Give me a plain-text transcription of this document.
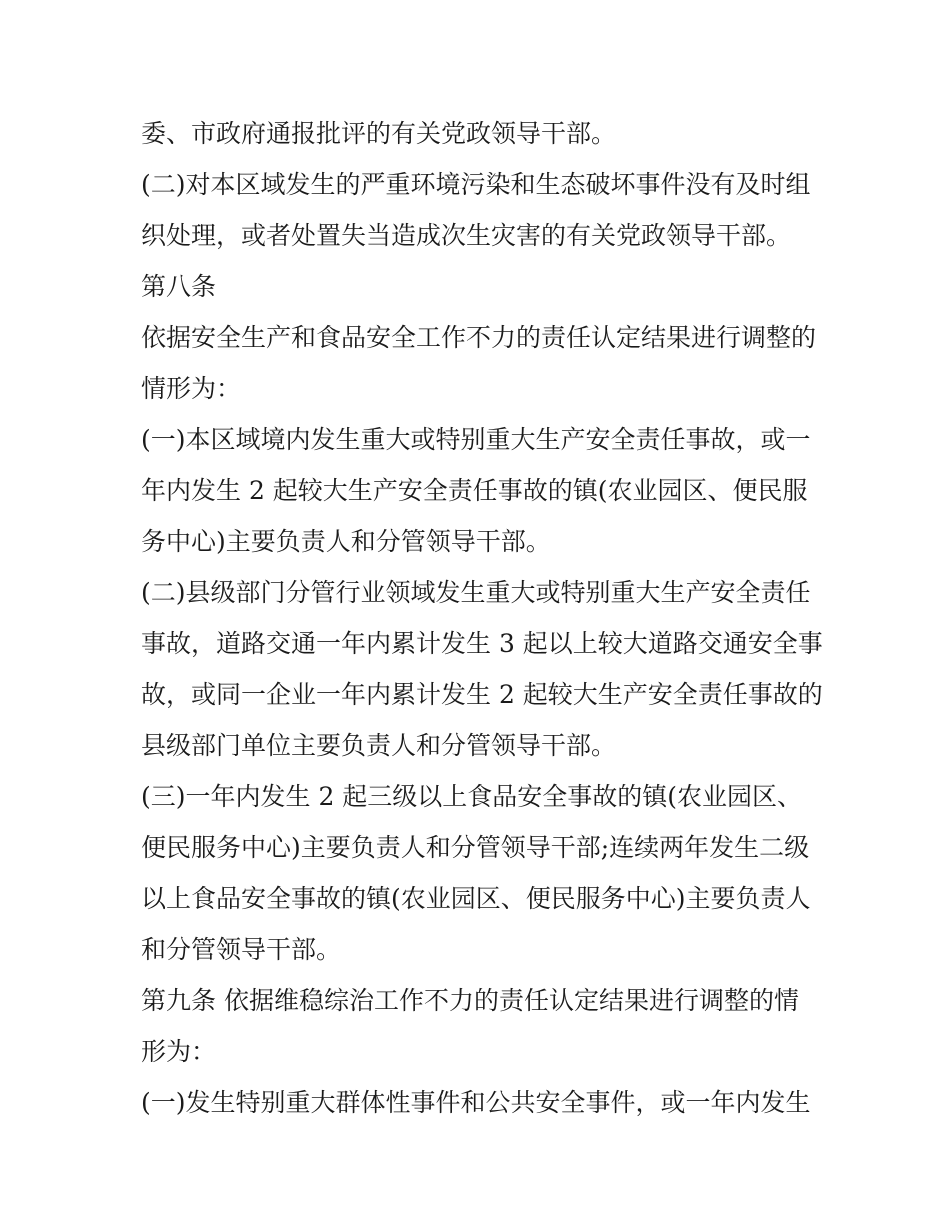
委、市政府通报批评的有关党政领导干部。
(二)对本区域发生的严重环境污染和生态破坏事件没有及时组
织处理，或者处置失当造成次生灾害的有关党政领导干部。
第八条
依据安全生产和食品安全工作不力的责任认定结果进行调整的
情形为：
(一)本区域境内发生重大或特别重大生产安全责任事故，或一
年内发生 2 起较大生产安全责任事故的镇(农业园区、便民服
务中心)主要负责人和分管领导干部。
(二)县级部门分管行业领域发生重大或特别重大生产安全责任
事故，道路交通一年内累计发生 3 起以上较大道路交通安全事
故，或同一企业一年内累计发生 2 起较大生产安全责任事故的
县级部门单位主要负责人和分管领导干部。
(三)一年内发生 2 起三级以上食品安全事故的镇(农业园区、
便民服务中心)主要负责人和分管领导干部;连续两年发生二级
以上食品安全事故的镇(农业园区、便民服务中心)主要负责人
和分管领导干部。
第九条 依据维稳综治工作不力的责任认定结果进行调整的情
形为：
(一)发生特别重大群体性事件和公共安全事件，或一年内发生
